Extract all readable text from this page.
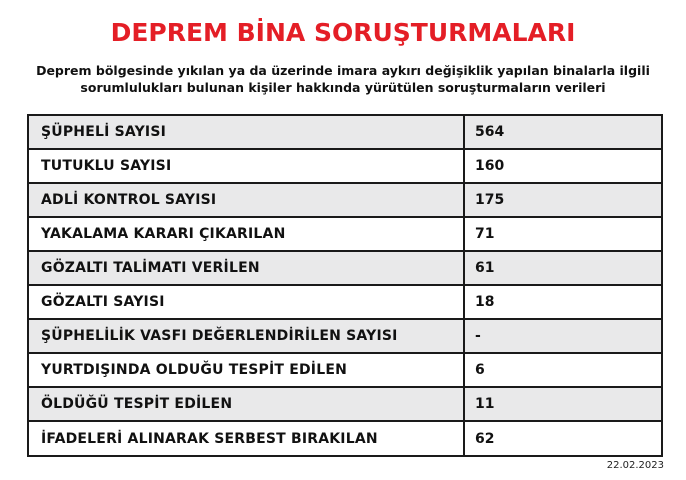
DEPREM BİNA SORUŞTURMALARI
Deprem bölgesinde yıkılan ya da üzerinde imara aykırı değişiklik yapılan binalarla ilgili sorumlulukları bulunan kişiler hakkında yürütülen soruşturmaların verileri
ŞÜPHELİ SAYISI	564
TUTUKLU SAYISI	160
ADLİ KONTROL SAYISI	175
YAKALAMA KARARI ÇIKARILAN	71
GÖZALTI TALİMATI VERİLEN	61
GÖZALTI SAYISI	18
ŞÜPHELİLİK VASFI DEĞERLENDİRİLEN SAYISI	-
YURTDIŞINDA OLDUĞU TESPİT EDİLEN	6
ÖLDÜĞÜ TESPİT EDİLEN	11
İFADELERİ ALINARAK SERBEST BIRAKILAN	62
22.02.2023
